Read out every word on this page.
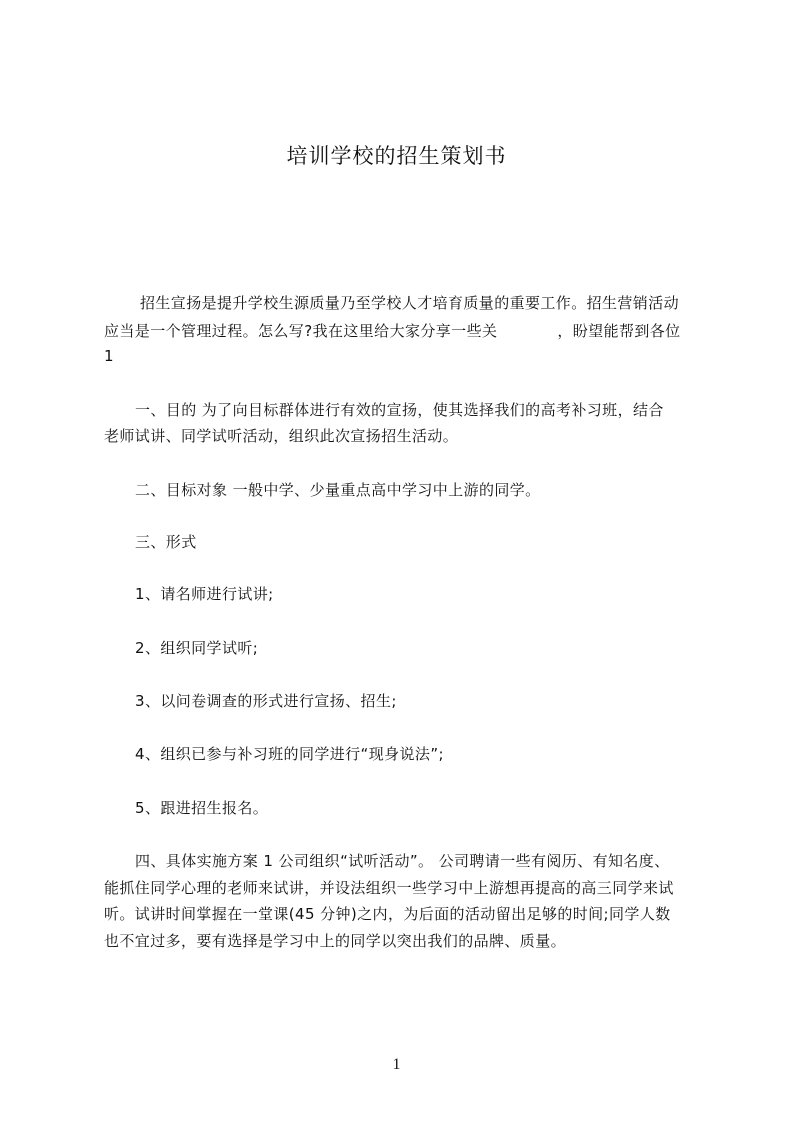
培训学校的招生策划书
招生宣扬是提升学校生源质量乃至学校人才培育质量的重要工作。招生营销活动
应当是一个管理过程。怎么写?我在这里给大家分享一些关	，盼望能帮到各位
1
一、目的 为了向目标群体进行有效的宣扬，使其选择我们的高考补习班，结合
老师试讲、同学试听活动，组织此次宣扬招生活动。
二、目标对象 一般中学、少量重点高中学习中上游的同学。
三、形式
1、请名师进行试讲;
2、组织同学试听;
3、以问卷调查的形式进行宣扬、招生;
4、组织已参与补习班的同学进行“现身说法”;
5、跟进招生报名。
四、具体实施方案 1 公司组织“试听活动”。 公司聘请一些有阅历、有知名度、
能抓住同学心理的老师来试讲，并设法组织一些学习中上游想再提高的高三同学来试
听。试讲时间掌握在一堂课(45 分钟)之内，为后面的活动留出足够的时间;同学人数
也不宜过多，要有选择是学习中上的同学以突出我们的品牌、质量。
1
